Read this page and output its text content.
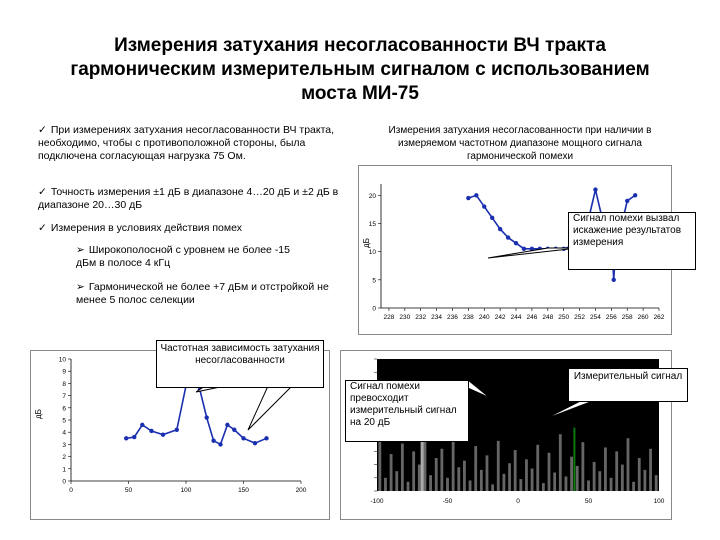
Измерения затухания несогласованности ВЧ тракта
гармоническим измерительным сигналом с использованием
моста МИ-75
✓ При измерениях затухания несогласованности ВЧ тракта, необходимо, чтобы с противоположной стороны, была подключена согласующая нагрузка 75 Ом.
✓ Точность измерения ±1 дБ в диапазоне 4…20 дБ и ±2 дБ в диапазоне 20…30 дБ
✓ Измерения в условиях действия помех
➢ Широкополосной с уровнем не более -15 дБм в полосе 4 кГц
➢ Гармонической не более +7 дБм и отстройкой не менее 5 полос селекции
Измерения затухания несогласованности при наличии в измеряемом частотном диапазоне мощного сигнала гармонической помехи
дБ
0
5
10
15
20
228 230 232 234 236 238 240 242 244 246 248 250 252 254 256 258 260 262
дБ
0
1
2
3
4
5
6
7
8
9
10
0	50	100	150	200
-100	-50	0	50	100
Сигнал помехи вызвал искажение результатов измерения
Частотная зависимость затухания несогласованности
Сигнал помехи превосходит измерительный сигнал на 20 дБ
Измерительный сигнал
